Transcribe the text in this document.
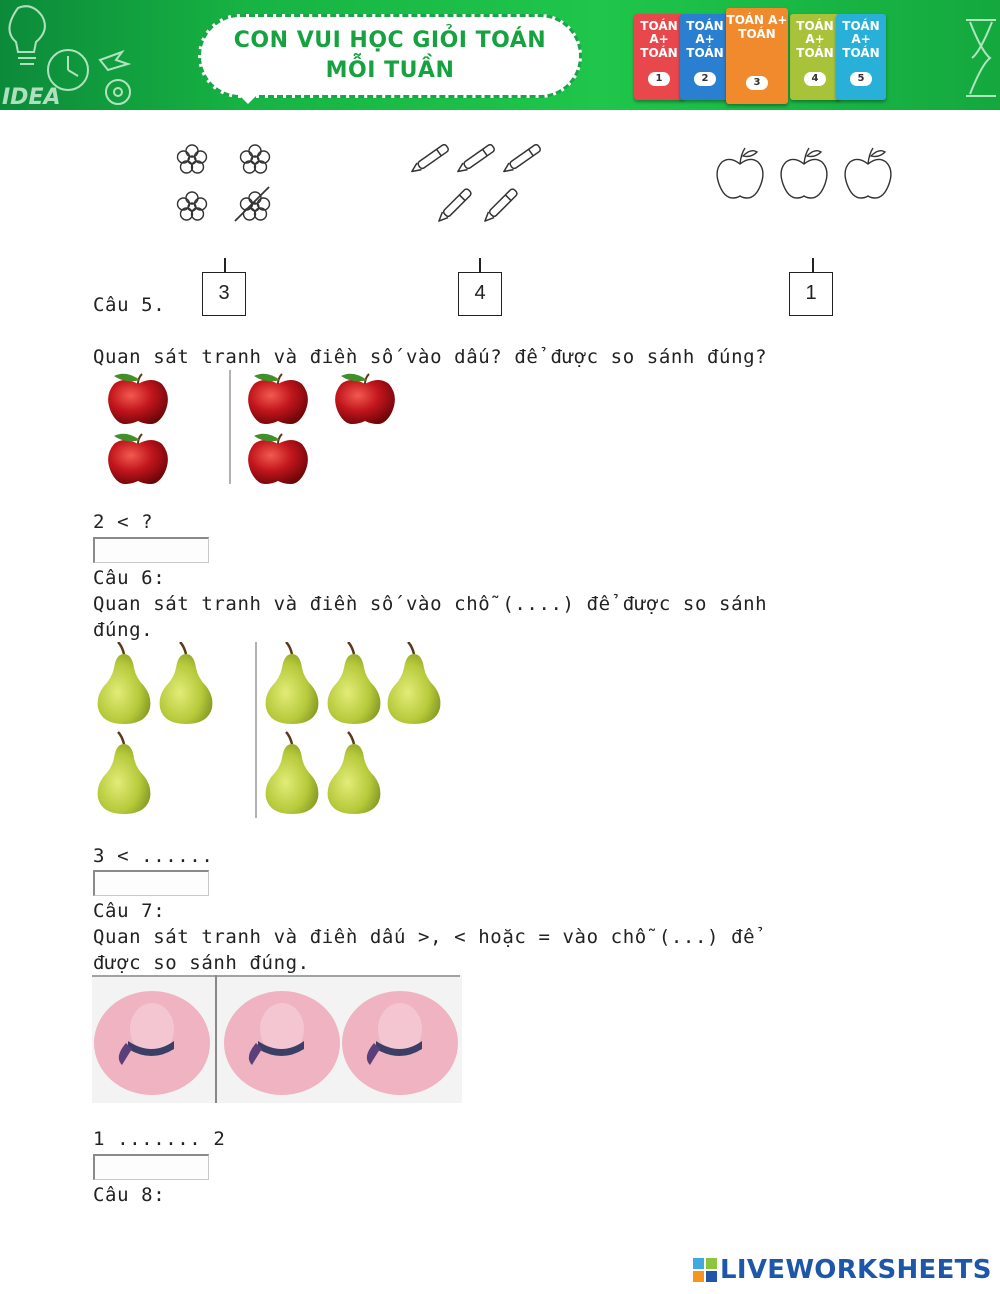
IDEA
CON VUI HỌC GIỎI TOÁN
MỖI TUẦN
TOÁN A+
TOÁN
1
TOÁN A+
TOÁN
2
TOÁN A+
TOÁN
4
TOÁN A+
TOÁN
5
TOÁN A+
TOÁN
3
3	4	1
Câu 5.
Quan sát tranh và điền số vào dấu? để được so sánh đúng?
2 < ?
Câu 6:
Quan sát tranh và điền số vào chỗ (....) để được so sánh
đúng.
3 < ......
Câu 7:
Quan sát tranh và điền dấu >, < hoặc = vào chỗ (...) để
được so sánh đúng.
1 ....... 2
Câu 8:
LIVEWORKSHEETS
